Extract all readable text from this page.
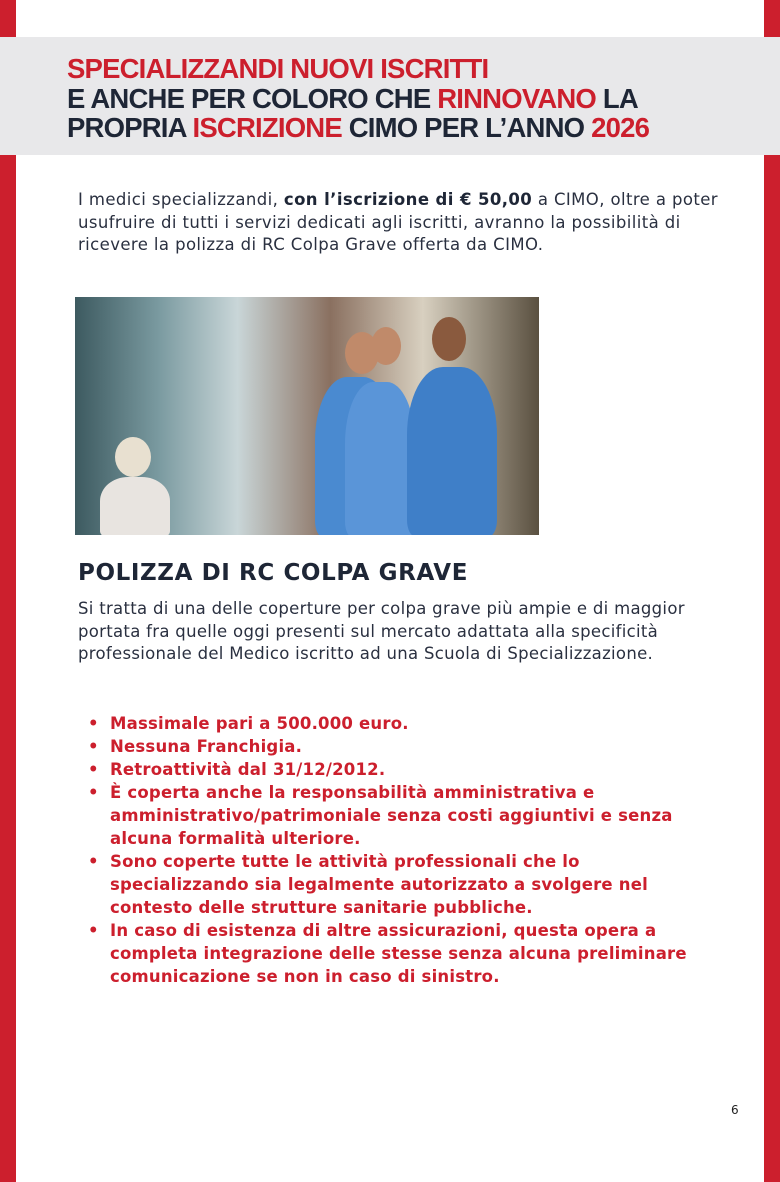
SPECIALIZZANDI NUOVI ISCRITTI
E ANCHE PER COLORO CHE RINNOVANO LA
PROPRIA ISCRIZIONE CIMO PER L’ANNO 2026

I medici specializzandi, con l’iscrizione di € 50,00 a CIMO, oltre a poter usufruire di tutti i servizi dedicati agli iscritti, avranno la possibilità di ricevere la polizza di RC Colpa Grave offerta da CIMO.

POLIZZA DI RC COLPA GRAVE

Si tratta di una delle coperture per colpa grave più ampie e di maggior portata fra quelle oggi presenti sul mercato adattata alla specificità professionale del Medico iscritto ad una Scuola di Specializzazione.

• Massimale pari a 500.000 euro.
• Nessuna Franchigia.
• Retroattività dal 31/12/2012.
• È coperta anche la responsabilità amministrativa e amministrativo/patrimoniale senza costi aggiuntivi e senza alcuna formalità ulteriore.
• Sono coperte tutte le attività professionali che lo specializzando sia legalmente autorizzato a svolgere nel contesto delle strutture sanitarie pubbliche.
• In caso di esistenza di altre assicurazioni, questa opera a completa integrazione delle stesse senza alcuna preliminare comunicazione se non in caso di sinistro.
6
